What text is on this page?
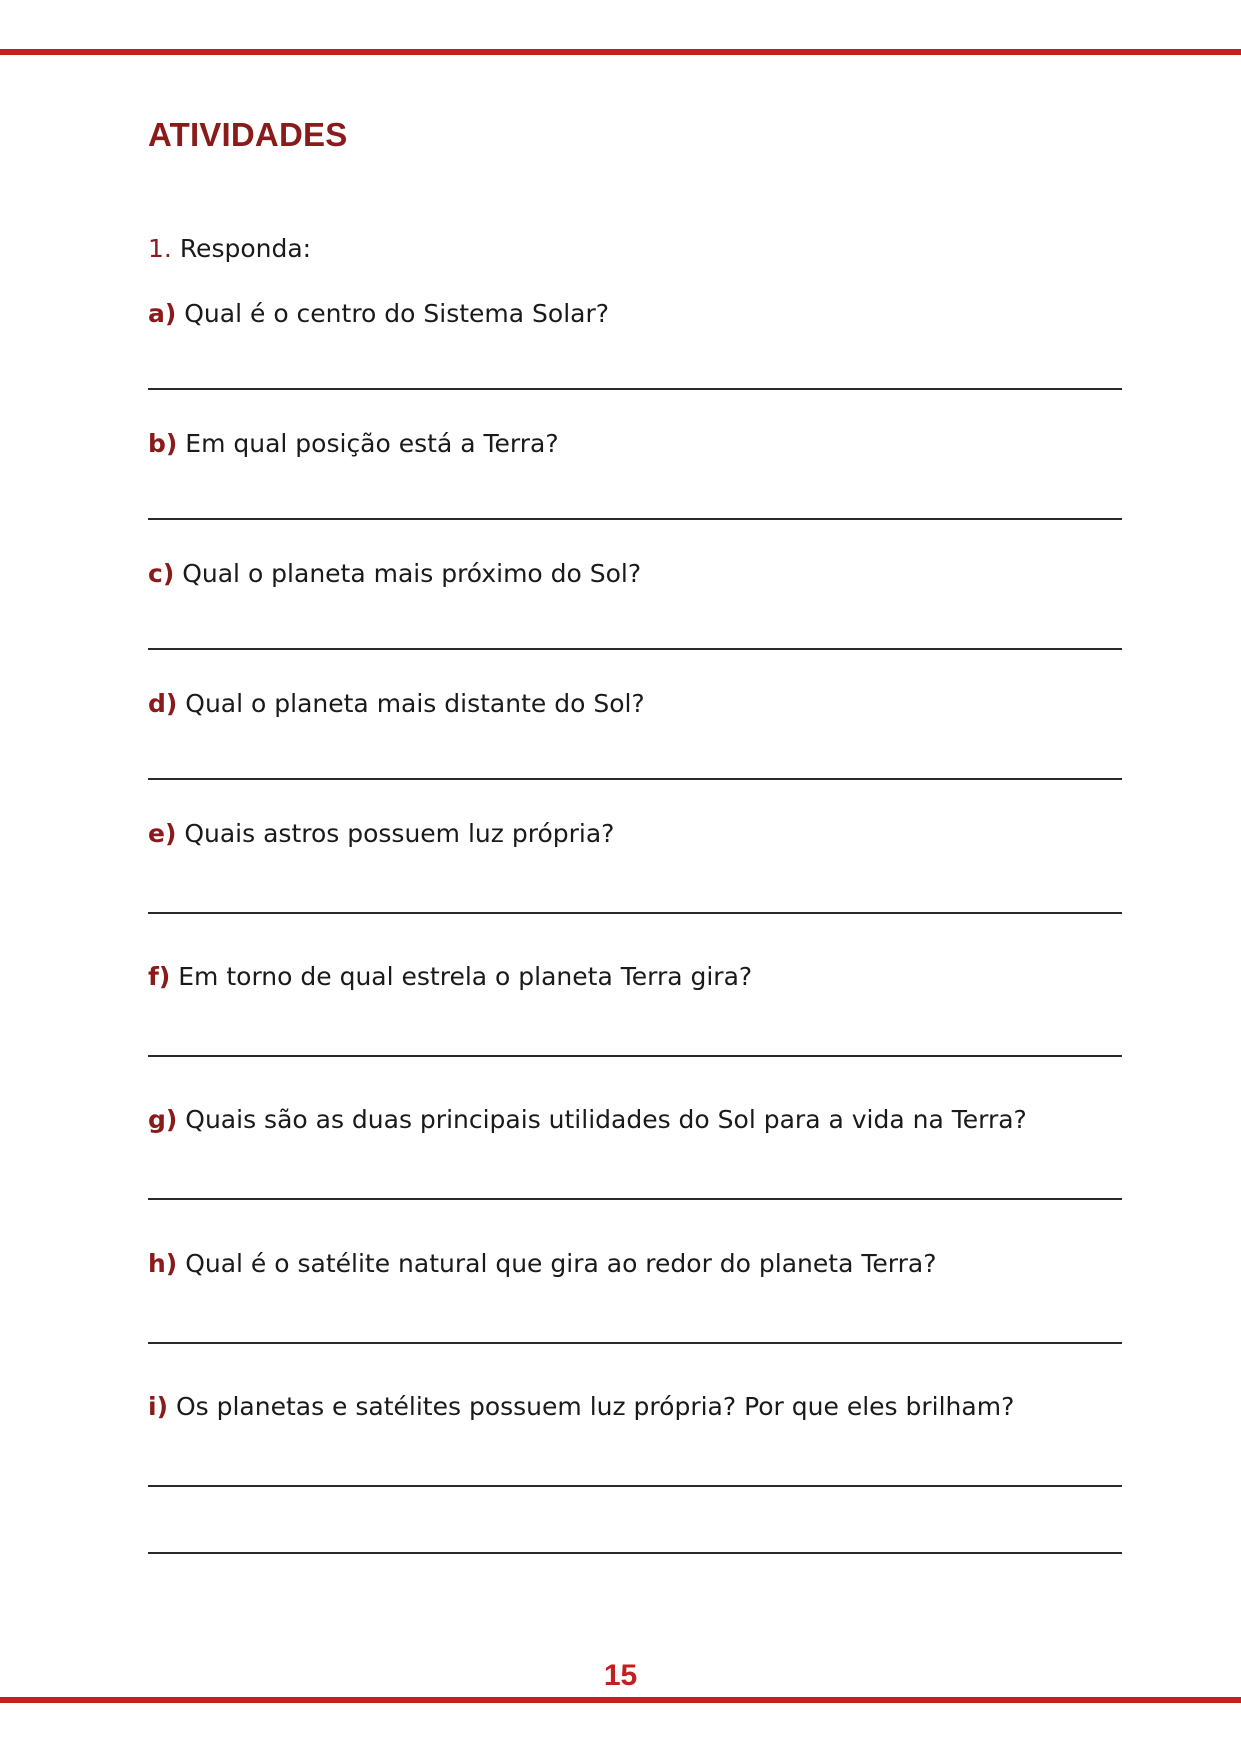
ATIVIDADES
1. Responda:
a) Qual é o centro do Sistema Solar?
b) Em qual posição está a Terra?
c) Qual o planeta mais próximo do Sol?
d) Qual o planeta mais distante do Sol?
e) Quais astros possuem luz própria?
f) Em torno de qual estrela o planeta Terra gira?
g) Quais são as duas principais utilidades do Sol para a vida na Terra?
h) Qual é o satélite natural que gira ao redor do planeta Terra?
i) Os planetas e satélites possuem luz própria? Por que eles brilham?
15
